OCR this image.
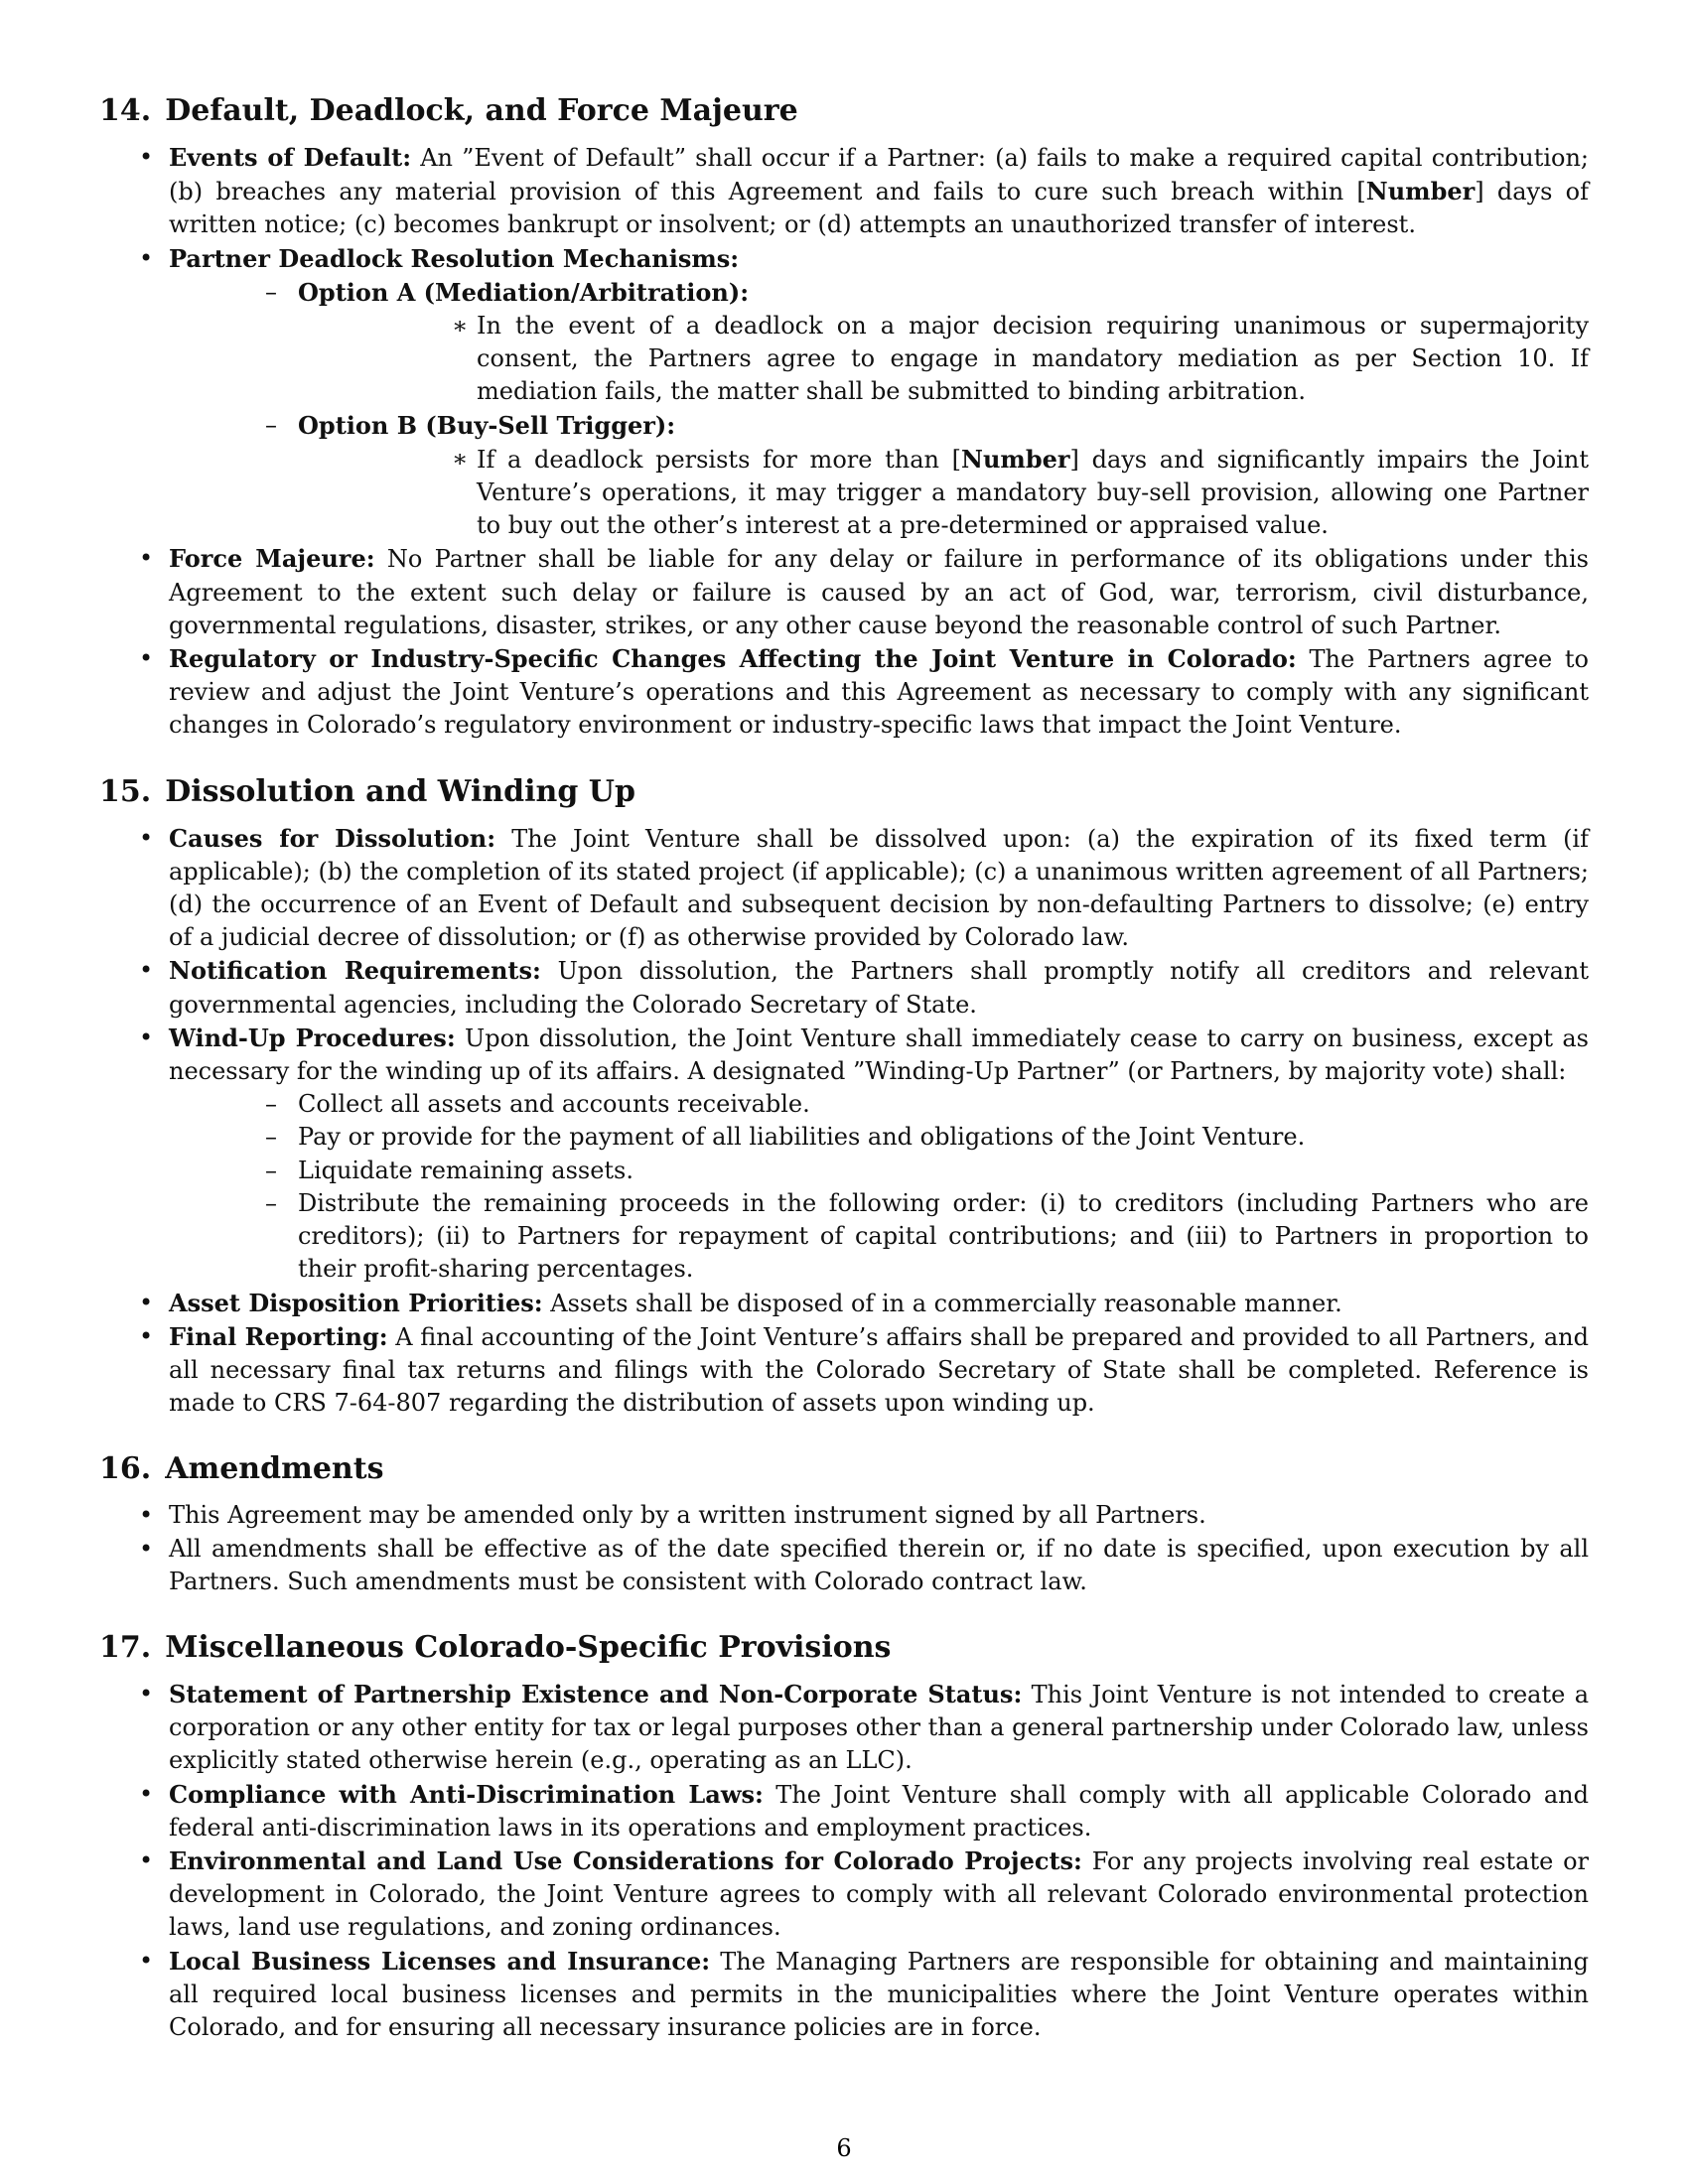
14. Default, Deadlock, and Force Majeure
• Events of Default: An ”Event of Default” shall occur if a Partner: (a) fails to make a required capital contribution; (b) breaches any material provision of this Agreement and fails to cure such breach within [Number] days of written notice; (c) becomes bankrupt or insolvent; or (d) attempts an unauthorized transfer of interest.
• Partner Deadlock Resolution Mechanisms:
– Option A (Mediation/Arbitration):
∗ In the event of a deadlock on a major decision requiring unanimous or supermajority consent, the Partners agree to engage in mandatory mediation as per Section 10. If mediation fails, the matter shall be submitted to binding arbitration.
– Option B (Buy-Sell Trigger):
∗ If a deadlock persists for more than [Number] days and significantly impairs the Joint Venture’s operations, it may trigger a mandatory buy-sell provision, allowing one Partner to buy out the other’s interest at a pre-determined or appraised value.
• Force Majeure: No Partner shall be liable for any delay or failure in performance of its obligations under this Agreement to the extent such delay or failure is caused by an act of God, war, terrorism, civil disturbance, governmental regulations, disaster, strikes, or any other cause beyond the reasonable control of such Partner.
• Regulatory or Industry-Specific Changes Affecting the Joint Venture in Colorado: The Partners agree to review and adjust the Joint Venture’s operations and this Agreement as necessary to comply with any significant changes in Colorado’s regulatory environment or industry-specific laws that impact the Joint Venture.
15. Dissolution and Winding Up
• Causes for Dissolution: The Joint Venture shall be dissolved upon: (a) the expiration of its fixed term (if applicable); (b) the completion of its stated project (if applicable); (c) a unanimous written agreement of all Partners; (d) the occurrence of an Event of Default and subsequent decision by non-defaulting Partners to dissolve; (e) entry of a judicial decree of dissolution; or (f) as otherwise provided by Colorado law.
• Notification Requirements: Upon dissolution, the Partners shall promptly notify all creditors and relevant governmental agencies, including the Colorado Secretary of State.
• Wind-Up Procedures: Upon dissolution, the Joint Venture shall immediately cease to carry on business, except as necessary for the winding up of its affairs. A designated ”Winding-Up Partner” (or Partners, by majority vote) shall:
– Collect all assets and accounts receivable.
– Pay or provide for the payment of all liabilities and obligations of the Joint Venture.
– Liquidate remaining assets.
– Distribute the remaining proceeds in the following order: (i) to creditors (including Partners who are creditors); (ii) to Partners for repayment of capital contributions; and (iii) to Partners in proportion to their profit-sharing percentages.
• Asset Disposition Priorities: Assets shall be disposed of in a commercially reasonable manner.
• Final Reporting: A final accounting of the Joint Venture’s affairs shall be prepared and provided to all Partners, and all necessary final tax returns and filings with the Colorado Secretary of State shall be completed. Reference is made to CRS 7-64-807 regarding the distribution of assets upon winding up.
16. Amendments
• This Agreement may be amended only by a written instrument signed by all Partners.
• All amendments shall be effective as of the date specified therein or, if no date is specified, upon execution by all Partners. Such amendments must be consistent with Colorado contract law.
17. Miscellaneous Colorado-Specific Provisions
• Statement of Partnership Existence and Non-Corporate Status: This Joint Venture is not intended to create a corporation or any other entity for tax or legal purposes other than a general partnership under Colorado law, unless explicitly stated otherwise herein (e.g., operating as an LLC).
• Compliance with Anti-Discrimination Laws: The Joint Venture shall comply with all applicable Colorado and federal anti-discrimination laws in its operations and employment practices.
• Environmental and Land Use Considerations for Colorado Projects: For any projects involving real estate or development in Colorado, the Joint Venture agrees to comply with all relevant Colorado environmental protection laws, land use regulations, and zoning ordinances.
• Local Business Licenses and Insurance: The Managing Partners are responsible for obtaining and maintaining all required local business licenses and permits in the municipalities where the Joint Venture operates within Colorado, and for ensuring all necessary insurance policies are in force.
6
